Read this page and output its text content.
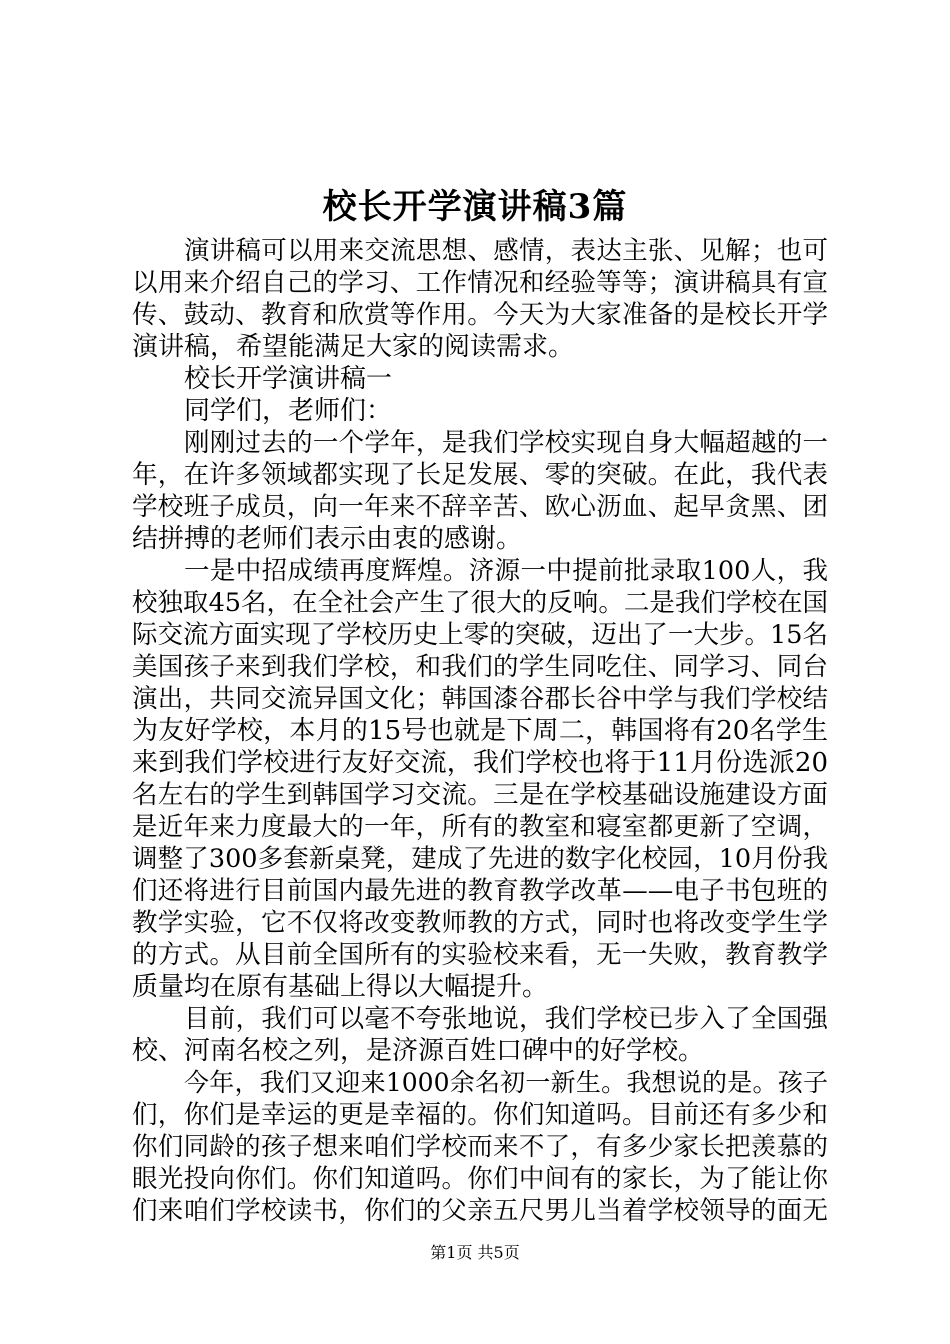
校长开学演讲稿3篇
演讲稿可以用来交流思想、感情，表达主张、见解；也可
以用来介绍自己的学习、工作情况和经验等等；演讲稿具有宣
传、鼓动、教育和欣赏等作用。今天为大家准备的是校长开学
演讲稿，希望能满足大家的阅读需求。
校长开学演讲稿一
同学们，老师们：
刚刚过去的一个学年，是我们学校实现自身大幅超越的一
年，在许多领域都实现了长足发展、零的突破。在此，我代表
学校班子成员，向一年来不辞辛苦、欧心沥血、起早贪黑、团
结拼搏的老师们表示由衷的感谢。
一是中招成绩再度辉煌。济源一中提前批录取100人，我
校独取45名，在全社会产生了很大的反响。二是我们学校在国
际交流方面实现了学校历史上零的突破，迈出了一大步。15名
美国孩子来到我们学校，和我们的学生同吃住、同学习、同台
演出，共同交流异国文化；韩国漆谷郡长谷中学与我们学校结
为友好学校，本月的15号也就是下周二，韩国将有20名学生
来到我们学校进行友好交流，我们学校也将于11月份选派20
名左右的学生到韩国学习交流。三是在学校基础设施建设方面
是近年来力度最大的一年，所有的教室和寝室都更新了空调，
调整了300多套新桌凳，建成了先进的数字化校园，10月份我
们还将进行目前国内最先进的教育教学改革——电子书包班的
教学实验，它不仅将改变教师教的方式，同时也将改变学生学
的方式。从目前全国所有的实验校来看，无一失败，教育教学
质量均在原有基础上得以大幅提升。
目前，我们可以毫不夸张地说，我们学校已步入了全国强
校、河南名校之列，是济源百姓口碑中的好学校。
今年，我们又迎来1000余名初一新生。我想说的是。孩子
们，你们是幸运的更是幸福的。你们知道吗。目前还有多少和
你们同龄的孩子想来咱们学校而来不了，有多少家长把羡慕的
眼光投向你们。你们知道吗。你们中间有的家长，为了能让你
们来咱们学校读书，你们的父亲五尺男儿当着学校领导的面无
第1页 共5页
